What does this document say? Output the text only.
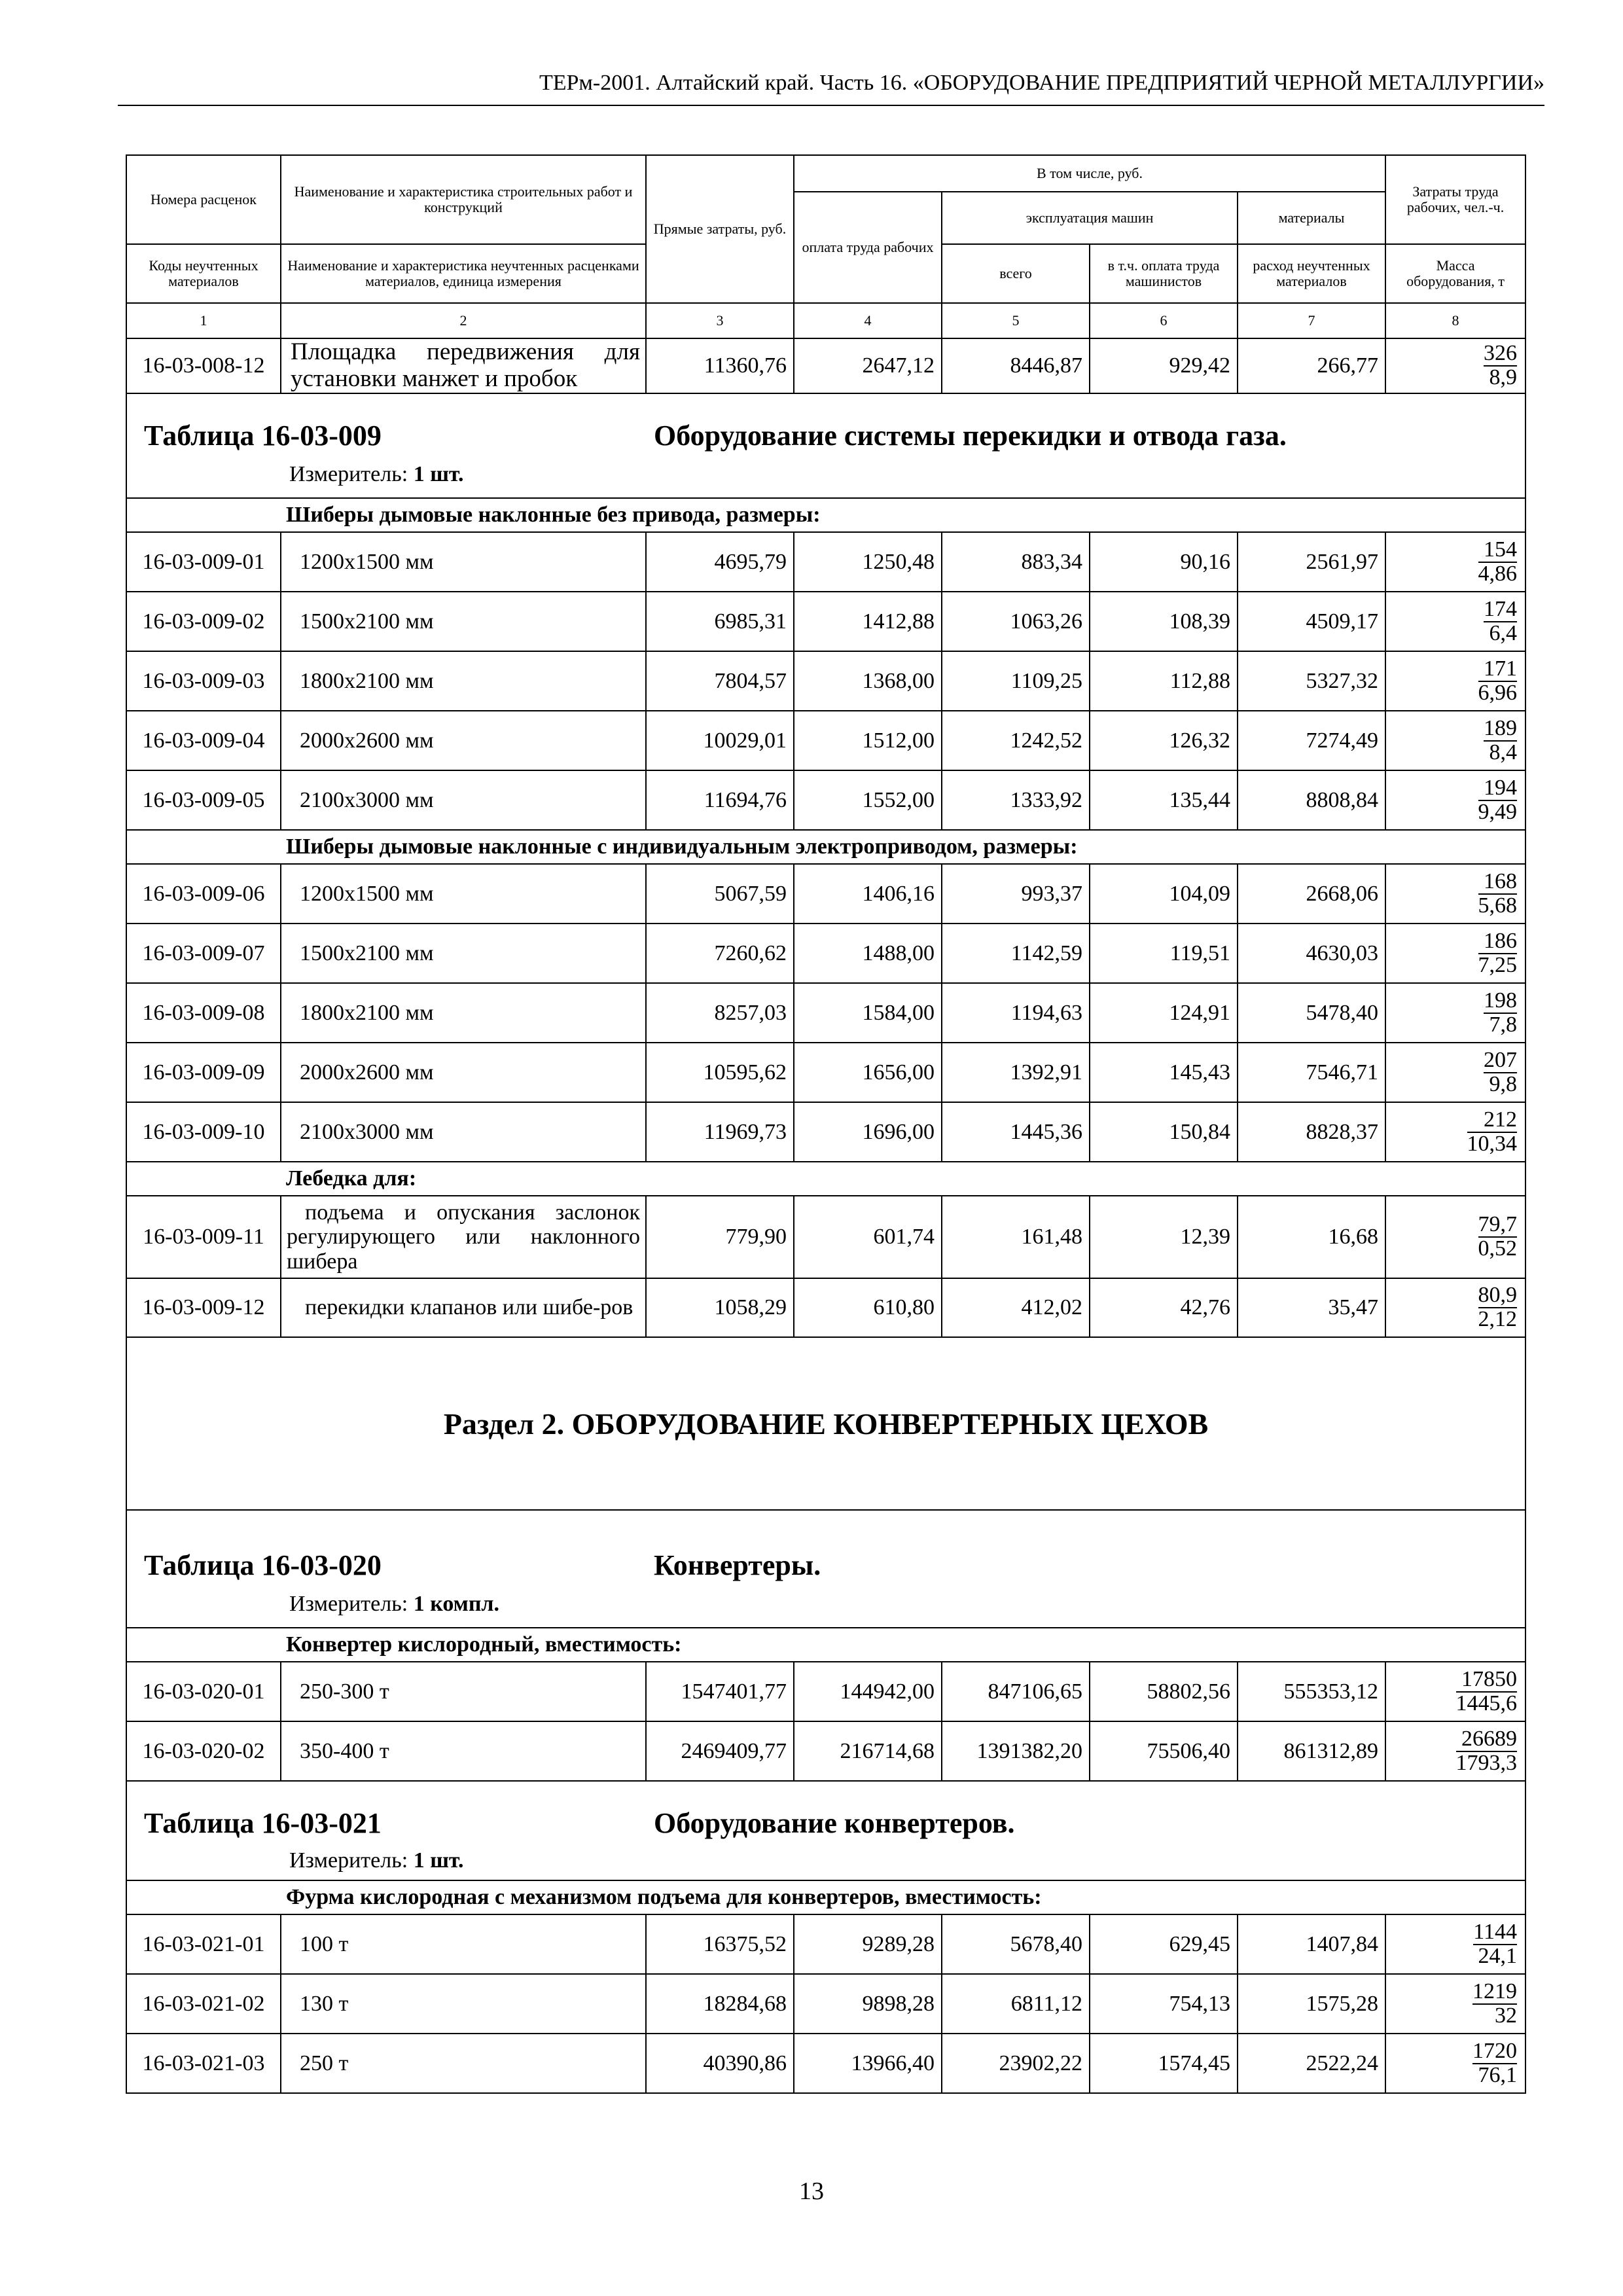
ТЕРм-2001. Алтайский край. Часть 16. «ОБОРУДОВАНИЕ ПРЕДПРИЯТИЙ ЧЕРНОЙ МЕТАЛЛУРГИИ»
Номера расценок	Наименование и характеристика строительных работ и конструкций	Прямые затраты, руб.	В том числе, руб.				Затраты труда рабочих, чел.-ч.
			оплата труда рабочих	эксплуатация машин		материалы	
Коды неучтенных материалов	Наименование и характеристика неучтенных расценками материалов, единица измерения			всего	в т.ч. оплата труда машинистов	расход неучтенных материалов	Масса оборудования, т
1	2	3	4	5	6	7	8
16-03-008-12	Площадка передвижения для установки манжет и пробок	11360,76	2647,12	8446,87	929,42	266,77	$\frac{326}{8,9}$

Таблица 16-03-009 Оборудование системы перекидки и отвода газа.
Измеритель: 1 шт.							

	Шиберы дымовые наклонные без привода, размеры:						
16-03-009-01	1200х1500 мм	4695,79	1250,48	883,34	90,16	2561,97	$\frac{154}{4,86}$

16-03-009-02	1500х2100 мм	6985,31	1412,88	1063,26	108,39	4509,17	$\frac{174}{6,4}$

16-03-009-03	1800х2100 мм	7804,57	1368,00	1109,25	112,88	5327,32	$\frac{171}{6,96}$

16-03-009-04	2000х2600 мм	10029,01	1512,00	1242,52	126,32	7274,49	$\frac{189}{8,4}$

16-03-009-05	2100х3000 мм	11694,76	1552,00	1333,92	135,44	8808,84	$\frac{194}{9,49}$

	Шиберы дымовые наклонные с индивидуальным электроприводом, размеры:						
16-03-009-06	1200х1500 мм	5067,59	1406,16	993,37	104,09	2668,06	$\frac{168}{5,68}$

16-03-009-07	1500х2100 мм	7260,62	1488,00	1142,59	119,51	4630,03	$\frac{186}{7,25}$

16-03-009-08	1800х2100 мм	8257,03	1584,00	1194,63	124,91	5478,40	$\frac{198}{7,8}$

16-03-009-09	2000х2600 мм	10595,62	1656,00	1392,91	145,43	7546,71	$\frac{207}{9,8}$

16-03-009-10	2100х3000 мм	11969,73	1696,00	1445,36	150,84	8828,37	$\frac{212}{10,34}$

	Лебедка для:						
16-03-009-11	подъема и опускания заслонок регулирующего или наклонного шибера	779,90	601,74	161,48	12,39	16,68	$\frac{79,7}{0,52}$

16-03-009-12	перекидки клапанов или шибе-ров	1058,29	610,80	412,02	42,76	35,47	$\frac{80,9}{2,12}$

Раздел 2. ОБОРУДОВАНИЕ КОНВЕРТЕРНЫХ ЦЕХОВ							

Таблица 16-03-020 Конвертеры.
Измеритель: 1 компл.							

	Конвертер кислородный, вместимость:						
16-03-020-01	250-300 т	1547401,77	144942,00	847106,65	58802,56	555353,12	$\frac{17850}{1445,6}$

16-03-020-02	350-400 т	2469409,77	216714,68	1391382,20	75506,40	861312,89	$\frac{26689}{1793,3}$

Таблица 16-03-021 Оборудование конвертеров.
Измеритель: 1 шт.							

	Фурма кислородная с механизмом подъема для конвертеров, вместимость:						
16-03-021-01	100 т	16375,52	9289,28	5678,40	629,45	1407,84	$\frac{1144}{24,1}$

16-03-021-02	130 т	18284,68	9898,28	6811,12	754,13	1575,28	$\frac{1219}{32}$

16-03-021-03	250 т	40390,86	13966,40	23902,22	1574,45	2522,24	$\frac{1720}{76,1}$
13
